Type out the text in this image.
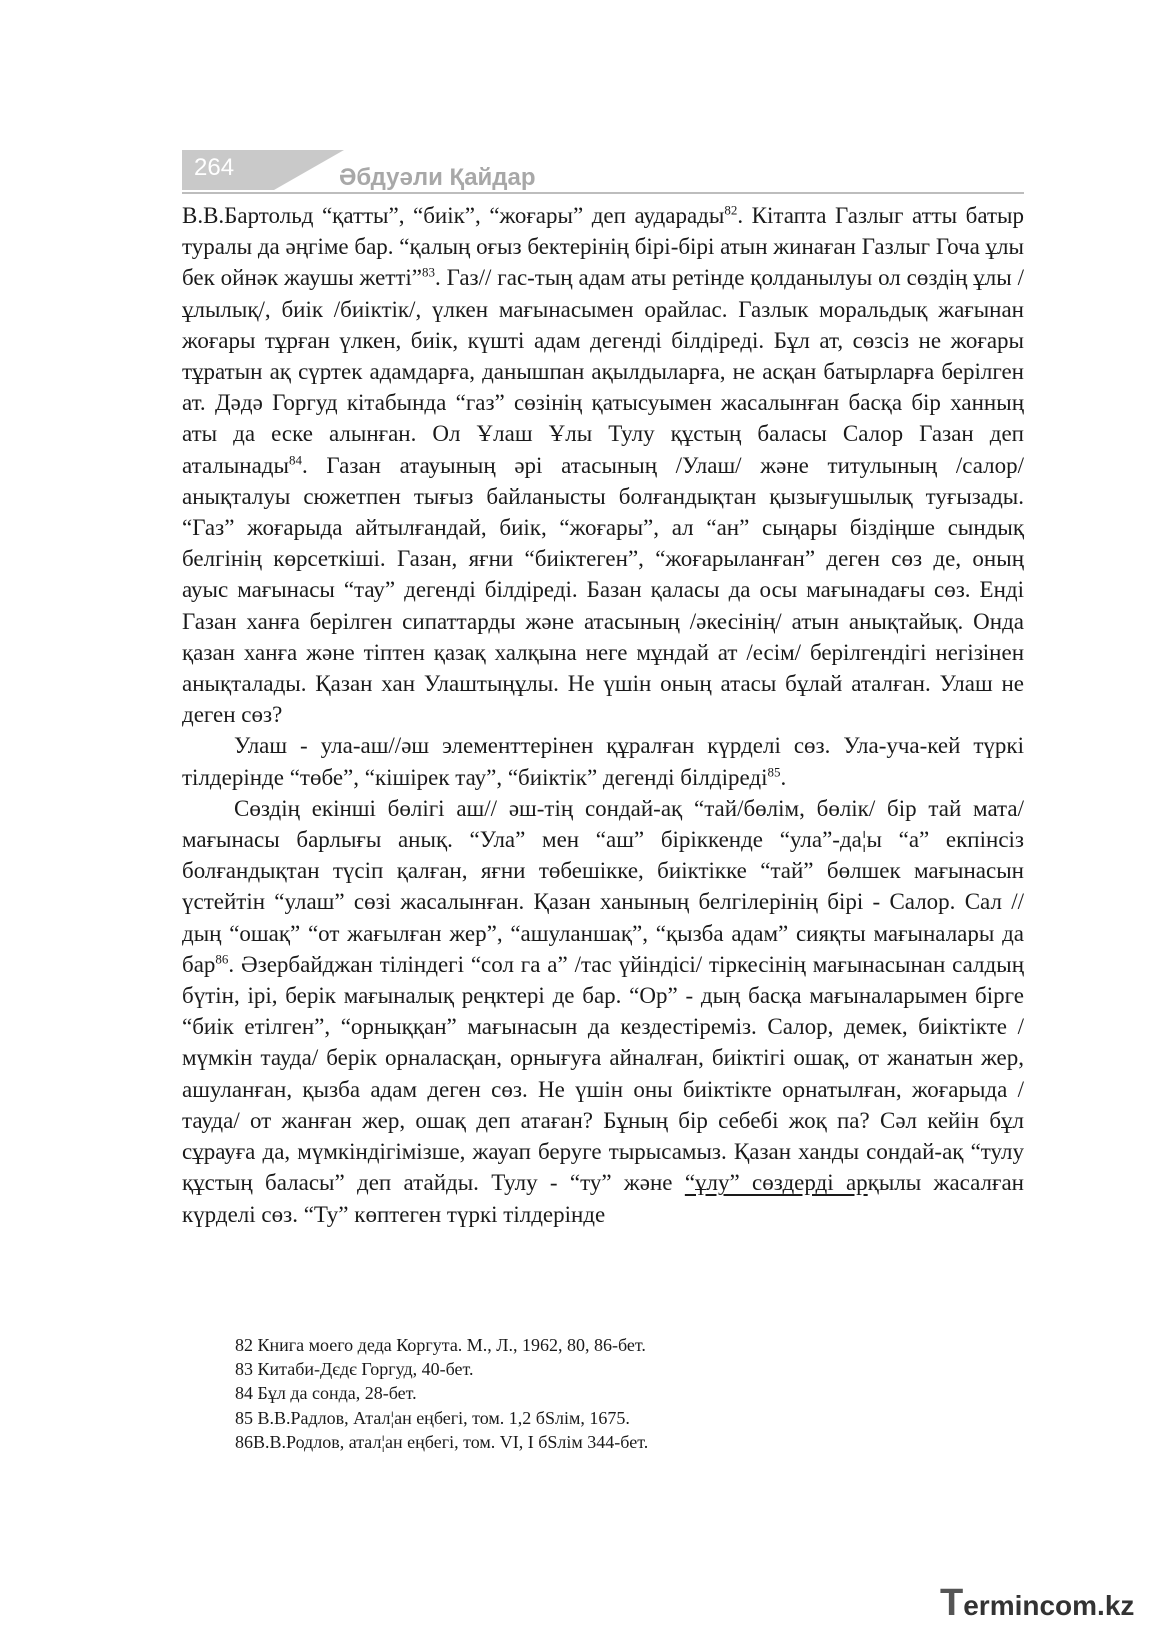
264	Әбдуәли Қайдар

В.В.Бартольд “қатты”, “биік”, “жоғары” деп аударады$^{82}$. Кітапта Газлыг атты батыр туралы да әңгіме бар. “қалың оғыз бектерінің бірі-бірі атын жинаған Газлыг Гоча ұлы бек ойнәк жаушы жетті”$^{83}$. Газ// гас-тың адам аты ретінде қолданылуы ол сөздің ұлы /ұлылық/, биік /биіктік/, үлкен мағынасымен орайлас. Газлык моральдық жағынан жоғары тұрған үлкен, биік, күшті адам дегенді білдіреді. Бұл ат, сөзсіз не жоғары тұратын ақ сүртек адамдарға, данышпан ақылдыларға, не асқан батырларға берілген ат. Дәдә Горгуд кітабында “газ” сөзінің қатысуымен жасалынған басқа бір ханның аты да еске алынған. Ол Ұлаш Ұлы Тулу құстың баласы Салор Газан деп аталынады$^{84}$. Газан атауының әрі атасының /Улаш/ және титулының /салор/ анықталуы сюжетпен тығыз байланысты болғандықтан қызығушылық туғызады. “Газ” жоғарыда айтылғандай, биік, “жоғары”, ал “ан” сыңары біздіңше сындық белгінің көрсеткіші. Газан, яғни “биіктеген”, “жоғарыланған” деген сөз де, оның ауыс мағынасы “тау” дегенді білдіреді. Базан қаласы да осы мағынадағы сөз. Енді Газан ханға берілген сипаттарды және атасының /әкесінің/ атын анықтайық. Онда қазан ханға және тіптен қазақ халқына неге мұндай ат /есім/ берілгендігі негізінен анықталады. Қазан хан Улаштыңұлы. Не үшін оның атасы бұлай аталған. Улаш не деген сөз?

Улаш - ула-аш//әш элементтерінен құралған күрделі сөз. Ула-уча-кей түркі тілдерінде “төбе”, “кішірек тау”, “биіктік” дегенді білдіреді$^{85}$.

Сөздің екінші бөлігі аш// әш-тің сондай-ақ “тай/бөлім, бөлік/ бір тай мата/ мағынасы барлығы анық. “Ула” мен “аш” біріккенде “ула”-да¦ы “а” екпінсіз болғандықтан түсіп қалған, яғни төбешікке, биіктікке “тай” бөлшек мағынасын үстейтін “улаш” сөзі жасалынған. Қазан ханының белгілерінің бірі - Салор. Сал // дың “ошақ” “от жағылған жер”, “ашуланшақ”, “қызба адам” сияқты мағыналары да бар$^{86}$. Әзербайджан тіліндегі “сол га а” /тас үйіндісі/ тіркесінің мағынасынан салдың бүтін, ірі, берік мағыналық реңктері де бар. “Ор” - дың басқа мағыналарымен бірге “биік етілген”, “орныққан” мағынасын да кездестіреміз. Салор, демек, биіктікте /мүмкін тауда/ берік орналасқан, орнығуға айналған, биіктігі ошақ, от жанатын жер, ашуланған, қызба адам деген сөз. Не үшін оны биіктікте орнатылған, жоғарыда /тауда/ от жанған жер, ошақ деп атаған? Бұның бір себебі жоқ па? Сәл кейін бұл сұрауға да, мүмкіндігімізше, жауап беруге тырысамыз. Қазан ханды сондай-ақ “тулу құстың баласы” деп атайды. Тулу - “ту” және “ұлу” сөздерді арқылы жасалған күрделі сөз. “Ту” көптеген түркі тілдерінде

82 Книга моего деда Коргута. М., Л., 1962, 80, 86-бет.
83 Китаби-Дєдє Горгуд, 40-бет.
84 Бұл да сонда, 28-бет.
85 В.В.Радлов, Атал¦ан еңбегі, том. 1,2 бSлім, 1675.
86В.В.Родлов, атал¦ан еңбегі, том. VI, I бSлім 344-бет.
Termincom.kz
